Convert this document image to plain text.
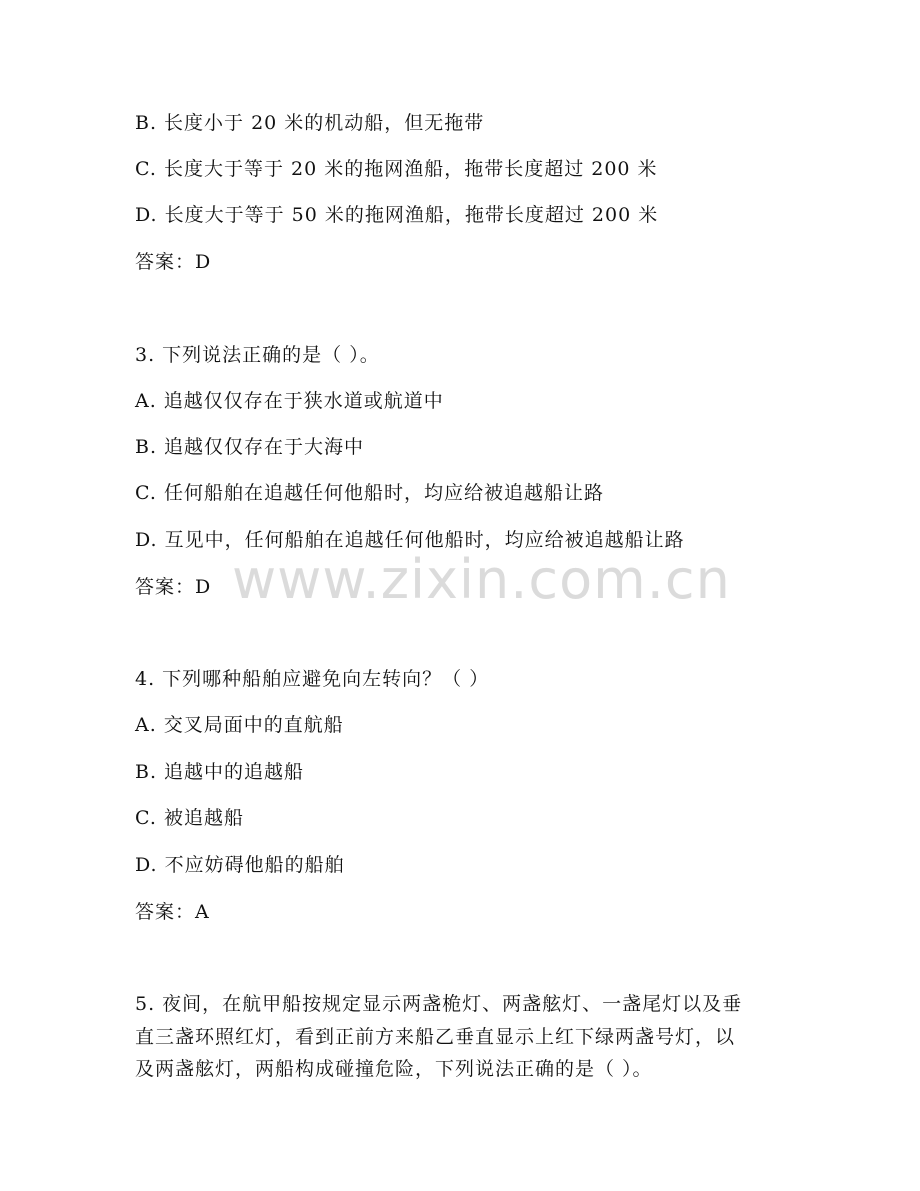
B. 长度小于 20 米的机动船，但无拖带
C. 长度大于等于 20 米的拖网渔船，拖带长度超过 200 米
D. 长度大于等于 50 米的拖网渔船，拖带长度超过 200 米
答案：D
3. 下列说法正确的是（ ）。
A. 追越仅仅存在于狭水道或航道中
B. 追越仅仅存在于大海中
C. 任何船舶在追越任何他船时，均应给被追越船让路
D. 互见中，任何船舶在追越任何他船时，均应给被追越船让路
答案：D
4. 下列哪种船舶应避免向左转向？（ ）
A. 交叉局面中的直航船
B. 追越中的追越船
C. 被追越船
D. 不应妨碍他船的船舶
答案：A
5. 夜间，在航甲船按规定显示两盏桅灯、两盏舷灯、一盏尾灯以及垂
直三盏环照红灯，看到正前方来船乙垂直显示上红下绿两盏号灯，以
及两盏舷灯，两船构成碰撞危险，下列说法正确的是（ ）。
www.zixin.com.cn
